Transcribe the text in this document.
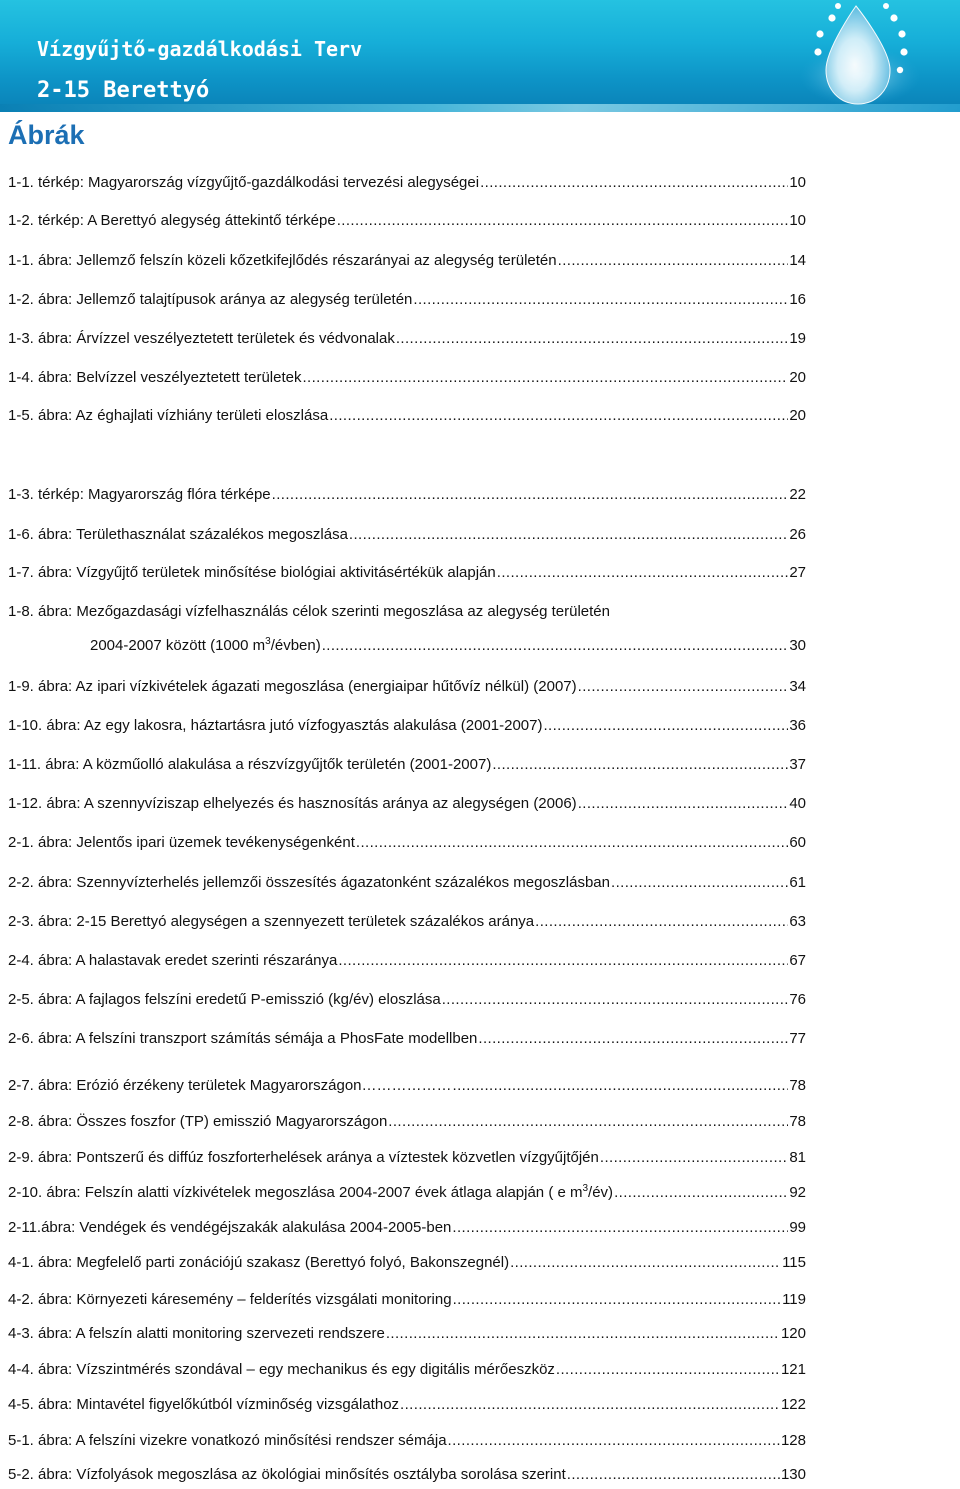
Vízgyűjtő-gazdálkodási Terv
2-15 Berettyó
Ábrák
1-1. térkép: Magyarország vízgyűjtő-gazdálkodási tervezési alegységei .....	10
1-2. térkép: A Berettyó alegység áttekintő térképe .....	10
1-1. ábra: Jellemző felszín közeli kőzetkifejlődés részarányai az alegység területén .....	14
1-2. ábra: Jellemző talajtípusok aránya az alegység területén .....	16
1-3. ábra: Árvízzel veszélyeztetett területek és védvonalak .....	19
1-4. ábra: Belvízzel veszélyeztetett területek .....	20
1-5. ábra: Az éghajlati vízhiány területi eloszlása .....	20
1-3. térkép: Magyarország flóra térképe .....	22
1-6. ábra: Területhasználat százalékos megoszlása .....	26
1-7. ábra: Vízgyűjtő területek minősítése biológiai aktivitásértékük alapján .....	27
1-8. ábra: Mezőgazdasági vízfelhasználás célok szerinti megoszlása az alegység területén
2004-2007 között (1000 $m^3/évben$) .....	30
1-9. ábra: Az ipari vízkivételek ágazati megoszlása (energiaipar hűtővíz nélkül) (2007) .....	34
1-10. ábra: Az egy lakosra, háztartásra jutó vízfogyasztás alakulása (2001-2007) .....	36
1-11. ábra: A közműolló alakulása a részvízgyűjtők területén (2001-2007) .....	37
1-12. ábra: A szennyvíziszap elhelyezés és hasznosítás aránya az alegységen (2006) .....	40
2-1. ábra: Jelentős ipari üzemek tevékenységenként .....	60
2-2. ábra: Szennyvízterhelés jellemzői összesítés ágazatonként százalékos megoszlásban .....	61
2-3. ábra: 2-15 Berettyó alegységen a szennyezett területek százalékos aránya .....	63
2-4. ábra: A halastavak eredet szerinti részaránya .....	67
2-5. ábra: A fajlagos felszíni eredetű P-emisszió (kg/év) eloszlása .....	76
2-6. ábra: A felszíni transzport számítás sémája a PhosFate modellben .....	77
2-7. ábra: Erózió érzékeny területek Magyarországon……………… .....	78
2-8. ábra: Összes foszfor (TP) emisszió Magyarországon .....	78
2-9. ábra: Pontszerű és diffúz foszforterhelések aránya a víztestek közvetlen vízgyűjtőjén .....	81
2-10. ábra: Felszín alatti vízkivételek megoszlása 2004-2007 évek átlaga alapján ( e $m^3/év$) .....	92
2-11.ábra: Vendégek és vendégéjszakák alakulása 2004-2005-ben .....	99
4-1. ábra: Megfelelő parti zonációjú szakasz (Berettyó folyó, Bakonszegnél) .....	115
4-2. ábra: Környezeti káresemény – felderítés vizsgálati monitoring .....	119
4-3. ábra: A felszín alatti monitoring szervezeti rendszere .....	120
4-4. ábra: Vízszintmérés szondával – egy mechanikus és egy digitális mérőeszköz .....	121
4-5. ábra: Mintavétel figyelőkútból vízminőség vizsgálathoz .....	122
5-1. ábra: A felszíni vizekre vonatkozó minősítési rendszer sémája .....	128
5-2. ábra: Vízfolyások megoszlása az ökológiai minősítés osztályba sorolása szerint .....	130
